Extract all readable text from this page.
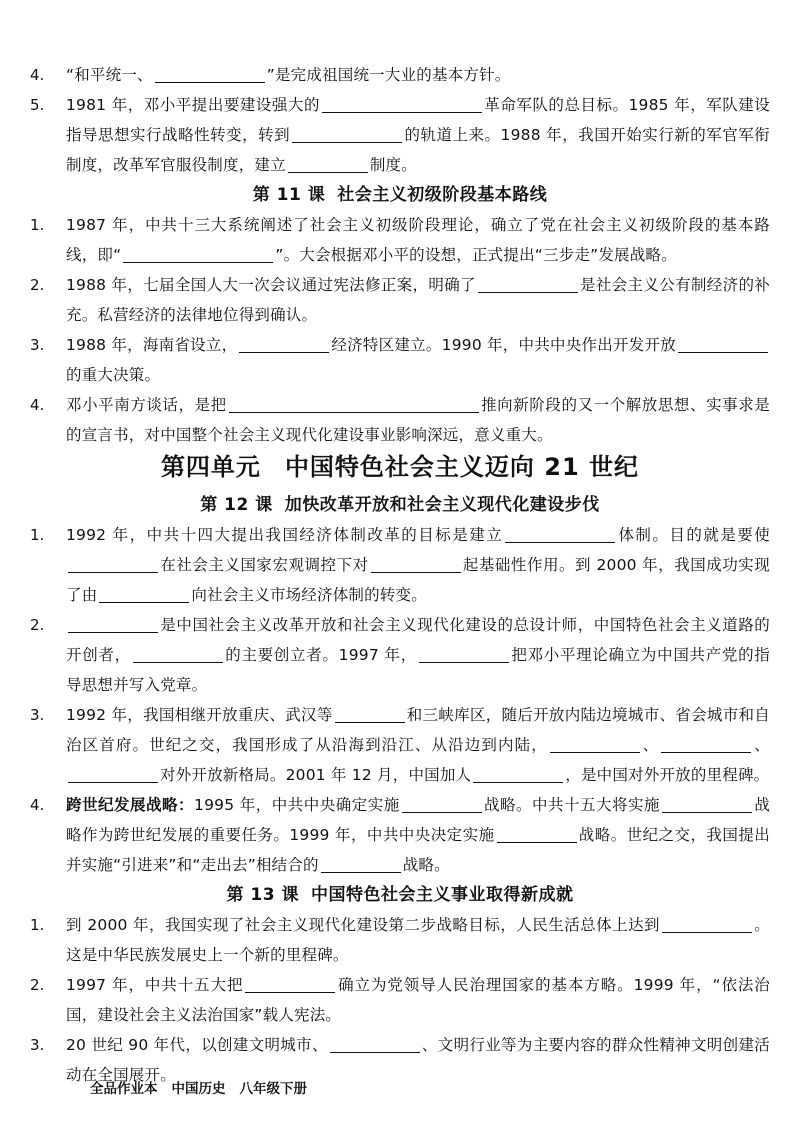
4. “和平统一、	”是完成祖国统一大业的基本方针。
5. 1981 年，邓小平提出要建设强大的	革命军队的总目标。1985 年，军队建设指导思想实行战略性转变，转到	的轨道上来。1988 年，我国开始实行新的军官军衔制度，改革军官服役制度，建立	制度。
第 11 课 社会主义初级阶段基本路线
1. 1987 年，中共十三大系统阐述了社会主义初级阶段理论，确立了党在社会主义初级阶段的基本路线，即“	”。大会根据邓小平的设想，正式提出“三步走”发展战略。
2. 1988 年，七届全国人大一次会议通过宪法修正案，明确了	是社会主义公有制经济的补充。私营经济的法律地位得到确认。
3. 1988 年，海南省设立，	经济特区建立。1990 年，中共中央作出开发开放的重大决策。
4. 邓小平南方谈话，是把	推向新阶段的又一个解放思想、实事求是的宣言书，对中国整个社会主义现代化建设事业影响深远，意义重大。
第四单元 中国特色社会主义迈向 21 世纪
第 12 课 加快改革开放和社会主义现代化建设步伐
1. 1992 年，中共十四大提出我国经济体制改革的目标是建立	体制。目的就是要使在社会主义国家宏观调控下对	起基础性作用。到 2000 年，我国成功实现了由	向社会主义市场经济体制的转变。
2.	是中国社会主义改革开放和社会主义现代化建设的总设计师，中国特色社会主义道路的开创者，	的主要创立者。1997 年，	把邓小平理论确立为中国共产党的指导思想并写入党章。
3. 1992 年，我国相继开放重庆、武汉等	和三峡库区，随后开放内陆边境城市、省会城市和自治区首府。世纪之交，我国形成了从沿海到沿江、从沿边到内陆，	、	、对外开放新格局。2001 年 12 月，中国加人	，是中国对外开放的里程碑。
4. 跨世纪发展战略：1995 年，中共中央确定实施	战略。中共十五大将实施	战略作为跨世纪发展的重要任务。1999 年，中共中央决定实施	战略。世纪之交，我国提出并实施“引进来”和“走出去”相结合的	战略。
第 13 课 中国特色社会主义事业取得新成就
1. 到 2000 年，我国实现了社会主义现代化建设第二步战略目标，人民生活总体上达到	。这是中华民族发展史上一个新的里程碑。
2. 1997 年，中共十五大把	确立为党领导人民治理国家的基本方略。1999 年，“依法治国，建设社会主义法治国家”载人宪法。
3. 20 世纪 90 年代，以创建文明城市、	、文明行业等为主要内容的群众性精神文明创建活动在全国展开。
全品作业本 中国历史 八年级下册
